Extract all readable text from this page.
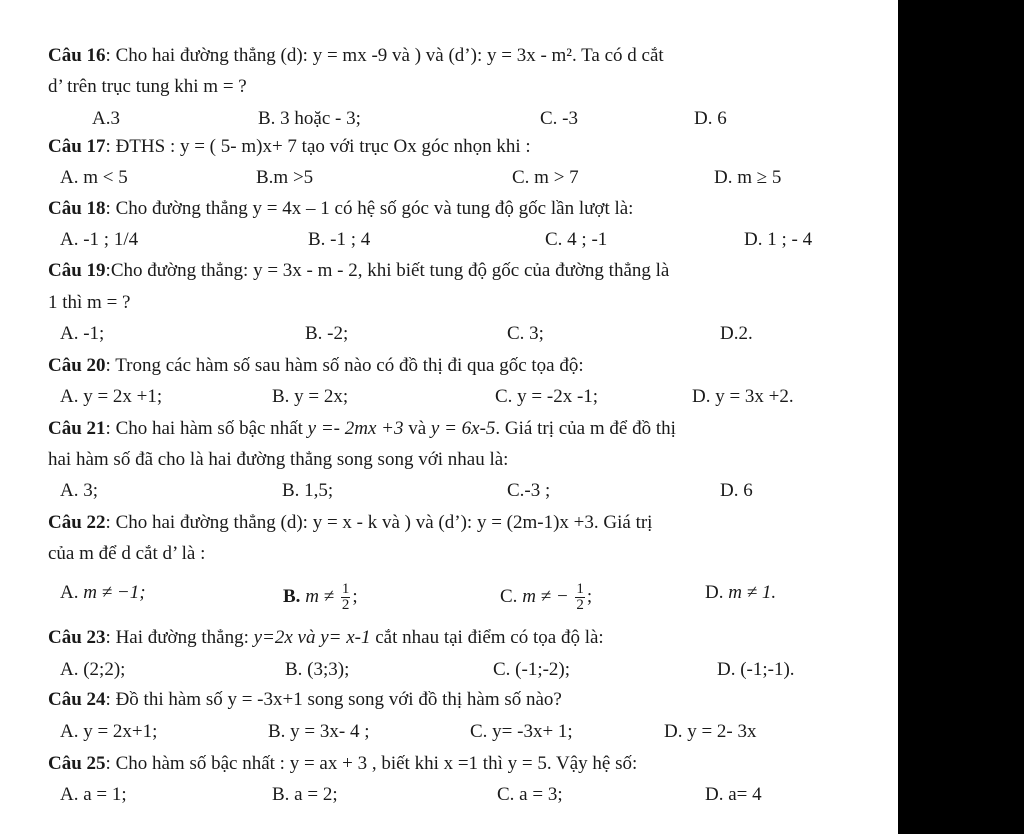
Câu 16: Cho hai đường thẳng (d): y = mx -9 và ) và (d’): y = 3x - m². Ta có d cắt
d’ trên trục tung khi m = ?
A.3	B. 3 hoặc - 3;	C. -3	D. 6
Câu 17: ĐTHS : y = ( 5- m)x+ 7 tạo với trục Ox góc nhọn khi :
A. m < 5	B.m >5	C. m > 7	D. m ≥ 5
Câu 18: Cho đường thẳng y = 4x – 1 có hệ số góc và tung độ gốc lần lượt là:
A. -1 ; 1/4	B. -1 ; 4	C. 4 ; -1	D. 1 ; - 4
Câu 19:Cho đường thẳng: y = 3x - m - 2, khi biết tung độ gốc của đường thẳng là
1 thì m = ?
A. -1;	B. -2;	C. 3;	D.2.
Câu 20: Trong các hàm số sau hàm số nào có đồ thị đi qua gốc tọa độ:
A. y = 2x +1;	B. y = 2x;	C. y = -2x -1;	D. y = 3x +2.
Câu 21: Cho hai hàm số bậc nhất y =- 2mx +3 và y = 6x-5. Giá trị của m để đồ thị
hai hàm số đã cho là hai đường thẳng song song với nhau là:
A. 3;	B. 1,5;	C.-3 ;	D. 6
Câu 22: Cho hai đường thẳng (d): y = x - k và ) và (d’): y = (2m-1)x +3. Giá trị
của m để d cắt d’ là :
A. m ≠ −1;	B. $m \ne \frac{1}{2}$ ;	C. m ≠ − $\frac{1}{2}$ ;	D. m ≠ 1.
Câu 23: Hai đường thẳng: y=2x và y= x-1 cắt nhau tại điểm có tọa độ là:
A. (2;2);	B. (3;3);	C. (-1;-2);	D. (-1;-1).
Câu 24: Đồ thi hàm số y = -3x+1 song song với đồ thị hàm số nào?
A. y = 2x+1;	B. y = 3x- 4 ;	C. y= -3x+ 1;	D. y = 2- 3x
Câu 25: Cho hàm số bậc nhất : y = ax + 3 , biết khi x =1 thì y = 5. Vậy hệ số:
A. a = 1;	B. a = 2;	C. a = 3;	D. a= 4
